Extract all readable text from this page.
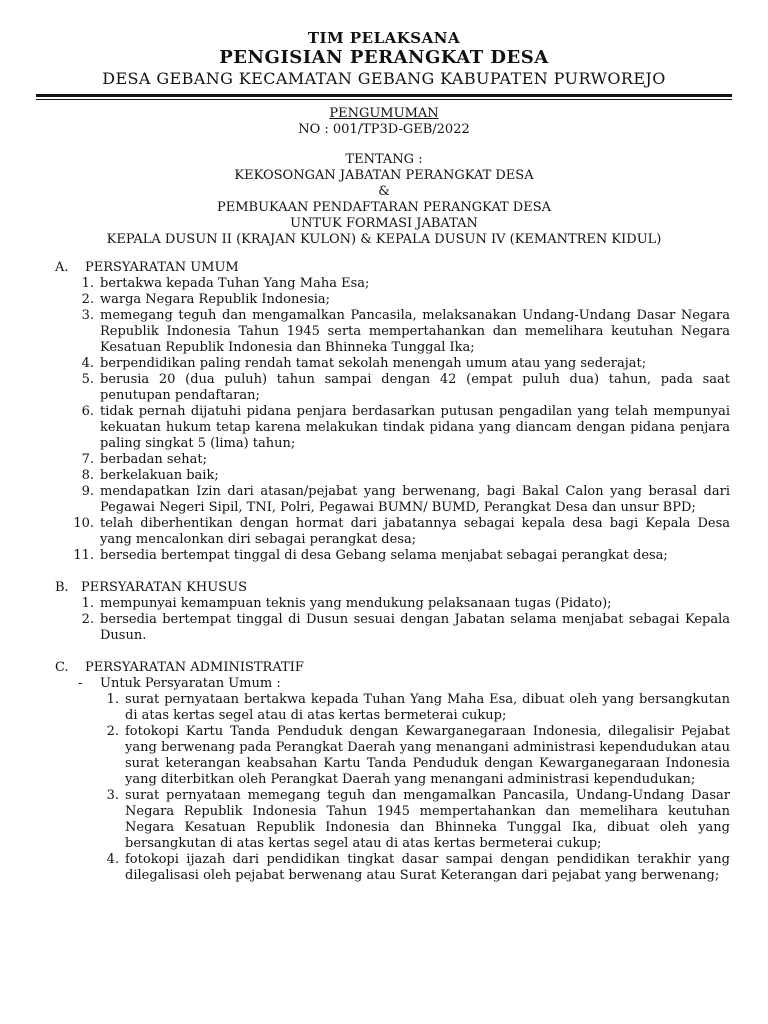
TIM PELAKSANA
PENGISIAN PERANGKAT DESA
DESA GEBANG KECAMATAN GEBANG KABUPATEN PURWOREJO
PENGUMUMAN
NO : 001/TP3D-GEB/2022
TENTANG :
KEKOSONGAN JABATAN PERANGKAT DESA
&
PEMBUKAAN PENDAFTARAN PERANGKAT DESA
UNTUK FORMASI JABATAN
KEPALA DUSUN II (KRAJAN KULON) & KEPALA DUSUN IV (KEMANTREN KIDUL)
A. PERSYARATAN UMUM
1. bertakwa kepada Tuhan Yang Maha Esa;
2. warga Negara Republik Indonesia;
3. memegang teguh dan mengamalkan Pancasila, melaksanakan Undang-Undang Dasar Negara Republik Indonesia Tahun 1945 serta mempertahankan dan memelihara keutuhan Negara Kesatuan Republik Indonesia dan Bhinneka Tunggal Ika;
4. berpendidikan paling rendah tamat sekolah menengah umum atau yang sederajat;
5. berusia 20 (dua puluh) tahun sampai dengan 42 (empat puluh dua) tahun, pada saat penutupan pendaftaran;
6. tidak pernah dijatuhi pidana penjara berdasarkan putusan pengadilan yang telah mempunyai kekuatan hukum tetap karena melakukan tindak pidana yang diancam dengan pidana penjara paling singkat 5 (lima) tahun;
7. berbadan sehat;
8. berkelakuan baik;
9. mendapatkan Izin dari atasan/pejabat yang berwenang, bagi Bakal Calon yang berasal dari Pegawai Negeri Sipil, TNI, Polri, Pegawai BUMN/ BUMD, Perangkat Desa dan unsur BPD;
10. telah diberhentikan dengan hormat dari jabatannya sebagai kepala desa bagi Kepala Desa yang mencalonkan diri sebagai perangkat desa;
11. bersedia bertempat tinggal di desa Gebang selama menjabat sebagai perangkat desa;
B. PERSYARATAN KHUSUS
1. mempunyai kemampuan teknis yang mendukung pelaksanaan tugas (Pidato);
2. bersedia bertempat tinggal di Dusun sesuai dengan Jabatan selama menjabat sebagai Kepala Dusun.
C. PERSYARATAN ADMINISTRATIF
- Untuk Persyaratan Umum :
1. surat pernyataan bertakwa kepada Tuhan Yang Maha Esa, dibuat oleh yang bersangkutan di atas kertas segel atau di atas kertas bermeterai cukup;
2. fotokopi Kartu Tanda Penduduk dengan Kewarganegaraan Indonesia, dilegalisir Pejabat yang berwenang pada Perangkat Daerah yang menangani administrasi kependudukan atau surat keterangan keabsahan Kartu Tanda Penduduk dengan Kewarganegaraan Indonesia yang diterbitkan oleh Perangkat Daerah yang menangani administrasi kependudukan;
3. surat pernyataan memegang teguh dan mengamalkan Pancasila, Undang-Undang Dasar Negara Republik Indonesia Tahun 1945 mempertahankan dan memelihara keutuhan Negara Kesatuan Republik Indonesia dan Bhinneka Tunggal Ika, dibuat oleh yang bersangkutan di atas kertas segel atau di atas kertas bermeterai cukup;
4. fotokopi ijazah dari pendidikan tingkat dasar sampai dengan pendidikan terakhir yang dilegalisasi oleh pejabat berwenang atau Surat Keterangan dari pejabat yang berwenang;
